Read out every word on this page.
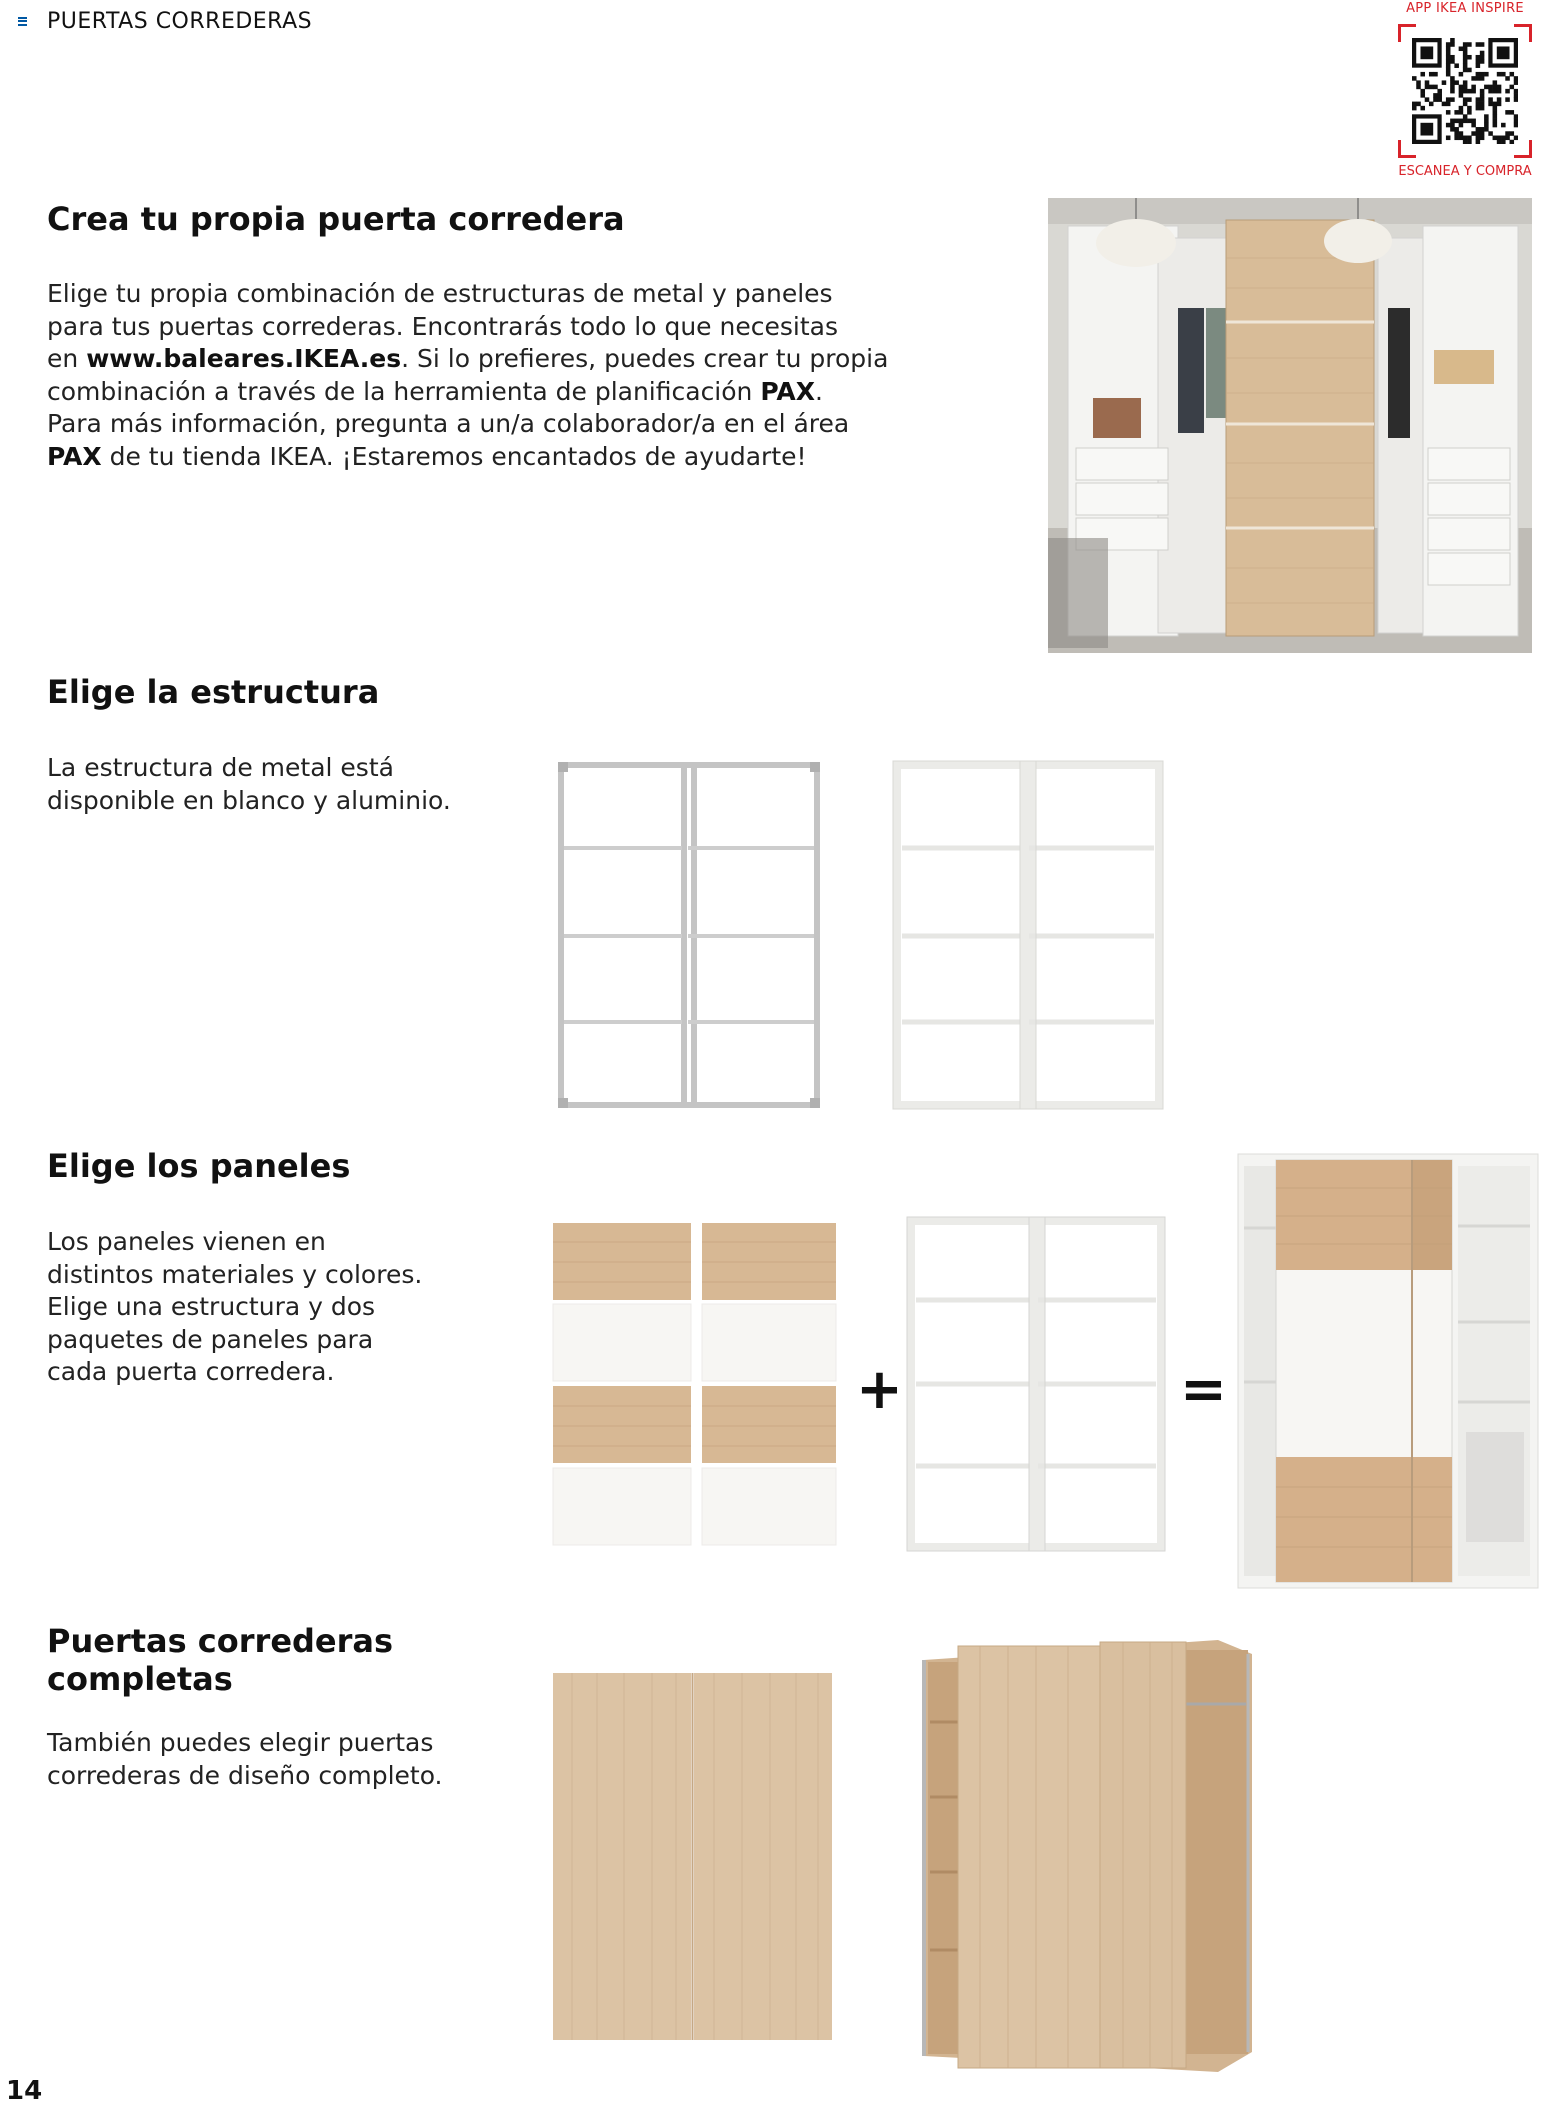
PUERTAS CORREDERAS	APP IKEA INSPIRE
ESCANEA Y COMPRA
Crea tu propia puerta corredera
Elige tu propia combinación de estructuras de metal y paneles
para tus puertas correderas. Encontrarás todo lo que necesitas
en www.baleares.IKEA.es. Si lo prefieres, puedes crear tu propia
combinación a través de la herramienta de planificación PAX.
Para más información, pregunta a un/a colaborador/a en el área
PAX de tu tienda IKEA. ¡Estaremos encantados de ayudarte!
Elige la estructura
La estructura de metal está
disponible en blanco y aluminio.
Elige los paneles
Los paneles vienen en
distintos materiales y colores.
Elige una estructura y dos
paquetes de paneles para
cada puerta corredera.	+	=
Puertas correderas
completas
También puedes elegir puertas
correderas de diseño completo.
14
